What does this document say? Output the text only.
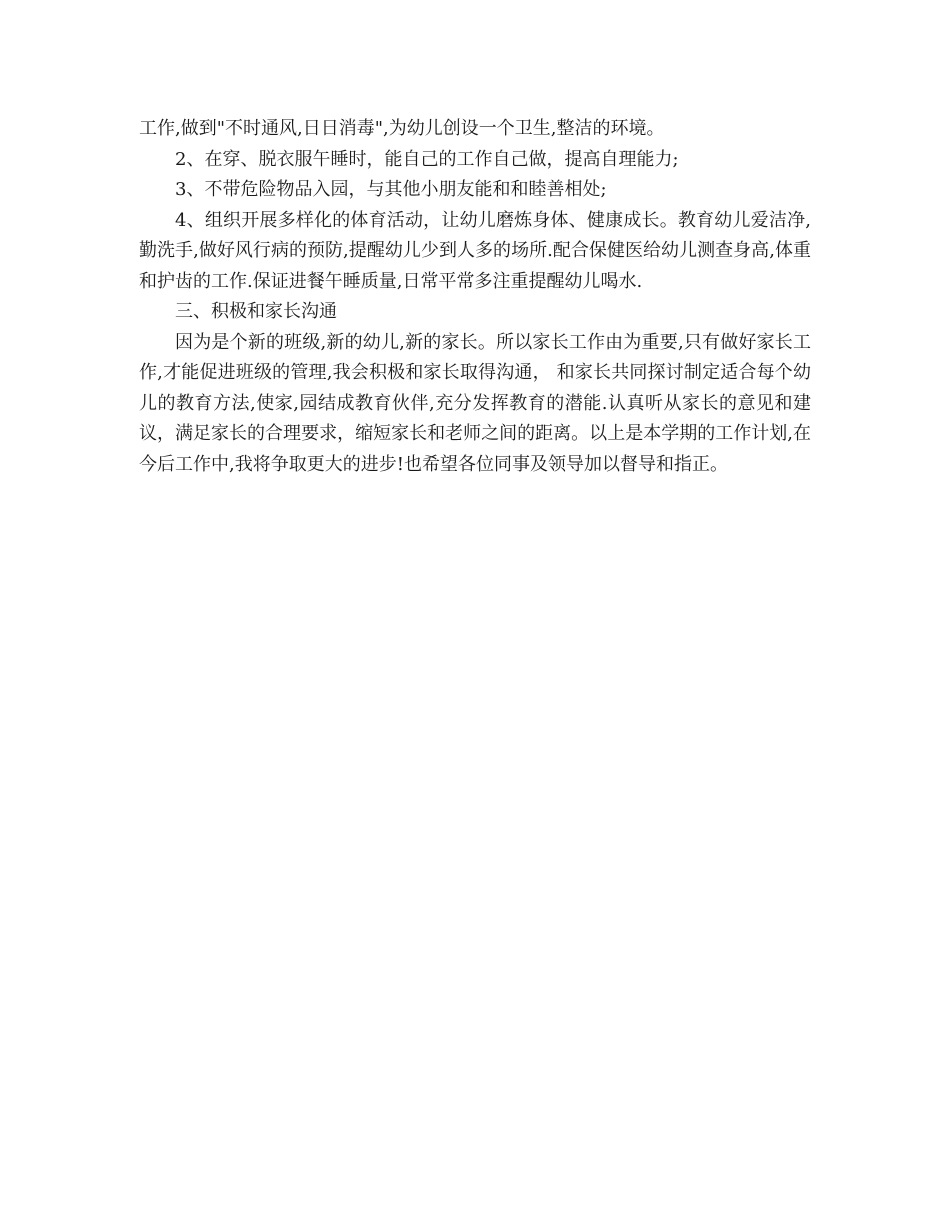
工作,做到"不时通风,日日消毒",为幼儿创设一个卫生,整洁的环境。

2、在穿、脱衣服午睡时，能自己的工作自己做，提高自理能力;

3、不带危险物品入园，与其他小朋友能和和睦善相处;

4、组织开展多样化的体育活动，让幼儿磨炼身体、健康成长。教育幼儿爱洁净,勤洗手,做好风行病的预防,提醒幼儿少到人多的场所.配合保健医给幼儿测查身高,体重和护齿的工作.保证进餐午睡质量,日常平常多注重提醒幼儿喝水.

三、积极和家长沟通

因为是个新的班级,新的幼儿,新的家长。所以家长工作由为重要,只有做好家长工作,才能促进班级的管理,我会积极和家长取得沟通， 和家长共同探讨制定适合每个幼儿的教育方法,使家,园结成教育伙伴,充分发挥教育的潜能.认真听从家长的意见和建议，满足家长的合理要求，缩短家长和老师之间的距离。以上是本学期的工作计划,在今后工作中,我将争取更大的进步!也希望各位同事及领导加以督导和指正。
